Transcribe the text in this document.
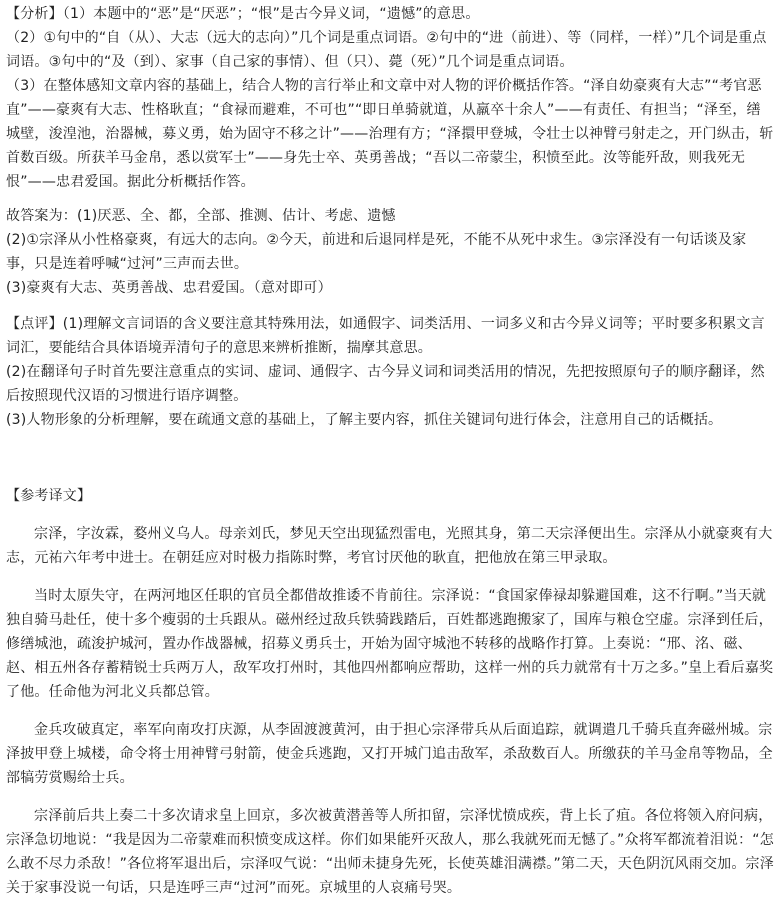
【分析】（1）本题中的“恶”是“厌恶”；“恨”是古今异义词，“遗憾”的意思。

（2）①句中的“自（从）、大志（远大的志向）”几个词是重点词语。②句中的“进（前进）、等（同样，一样）”几个词是重点词语。③句中的“及（到）、家事（自己家的事情）、但（只）、薨（死）”几个词是重点词语。

（3）在整体感知文章内容的基础上，结合人物的言行举止和文章中对人物的评价概括作答。“泽自幼豪爽有大志”“考官恶直”——豪爽有大志、性格耿直；“食禄而避难，不可也”“即日单骑就道，从羸卒十余人”——有责任、有担当；“泽至，缮城壁，浚湟池，治器械，募义勇，始为固守不移之计”——治理有方；“泽擐甲登城，令壮士以神臂弓射走之，开门纵击，斩首数百级。所获羊马金帛，悉以赏军士”——身先士卒、英勇善战；“吾以二帝蒙尘，积愤至此。汝等能歼敌，则我死无恨”——忠君爱国。据此分析概括作答。

故答案为：(1)厌恶、全、都，全部、推测、估计、考虑、遗憾

(2)①宗泽从小性格豪爽，有远大的志向。②今天，前进和后退同样是死，不能不从死中求生。③宗泽没有一句话谈及家事，只是连着呼喊“过河”三声而去世。

(3)豪爽有大志、英勇善战、忠君爱国。（意对即可）

【点评】(1)理解文言词语的含义要注意其特殊用法，如通假字、词类活用、一词多义和古今异义词等；平时要多积累文言词汇，要能结合具体语境弄清句子的意思来辨析推断，揣摩其意思。

(2)在翻译句子时首先要注意重点的实词、虚词、通假字、古今异义词和词类活用的情况，先把按照原句子的顺序翻译，然后按照现代汉语的习惯进行语序调整。

(3)人物形象的分析理解，要在疏通文意的基础上，了解主要内容，抓住关键词句进行体会，注意用自己的话概括。

【参考译文】

宗泽，字汝霖，婺州义乌人。母亲刘氏，梦见天空出现猛烈雷电，光照其身，第二天宗泽便出生。宗泽从小就豪爽有大志，元祐六年考中进士。在朝廷应对时极力指陈时弊，考官讨厌他的耿直，把他放在第三甲录取。

当时太原失守，在两河地区任职的官员全都借故推诿不肯前往。宗泽说：“食国家俸禄却躲避国难，这不行啊。”当天就独自骑马赴任，使十多个瘦弱的士兵跟从。磁州经过敌兵铁骑践踏后，百姓都逃跑搬家了，国库与粮仓空虚。宗泽到任后，修缮城池，疏浚护城河，置办作战器械，招募义勇兵士，开始为固守城池不转移的战略作打算。上奏说：“邢、洺、磁、赵、相五州各存蓄精锐士兵两万人，敌军攻打州时，其他四州都响应帮助，这样一州的兵力就常有十万之多。”皇上看后嘉奖了他。任命他为河北义兵都总管。

金兵攻破真定，率军向南攻打庆源，从李固渡渡黄河，由于担心宗泽带兵从后面追踪，就调遣几千骑兵直奔磁州城。宗泽披甲登上城楼，命令将士用神臂弓射箭，使金兵逃跑，又打开城门追击敌军，杀敌数百人。所缴获的羊马金帛等物品，全部犒劳赏赐给士兵。

宗泽前后共上奏二十多次请求皇上回京，多次被黄潜善等人所扣留，宗泽忧愤成疾，背上长了疽。各位将领入府问病，宗泽急切地说：“我是因为二帝蒙难而积愤变成这样。你们如果能歼灭敌人，那么我就死而无憾了。”众将军都流着泪说：“怎么敢不尽力杀敌！”各位将军退出后，宗泽叹气说：“出师未捷身先死，长使英雄泪满襟。”第二天，天色阴沉风雨交加。宗泽关于家事没说一句话，只是连呼三声“过河”而死。京城里的人哀痛号哭。
